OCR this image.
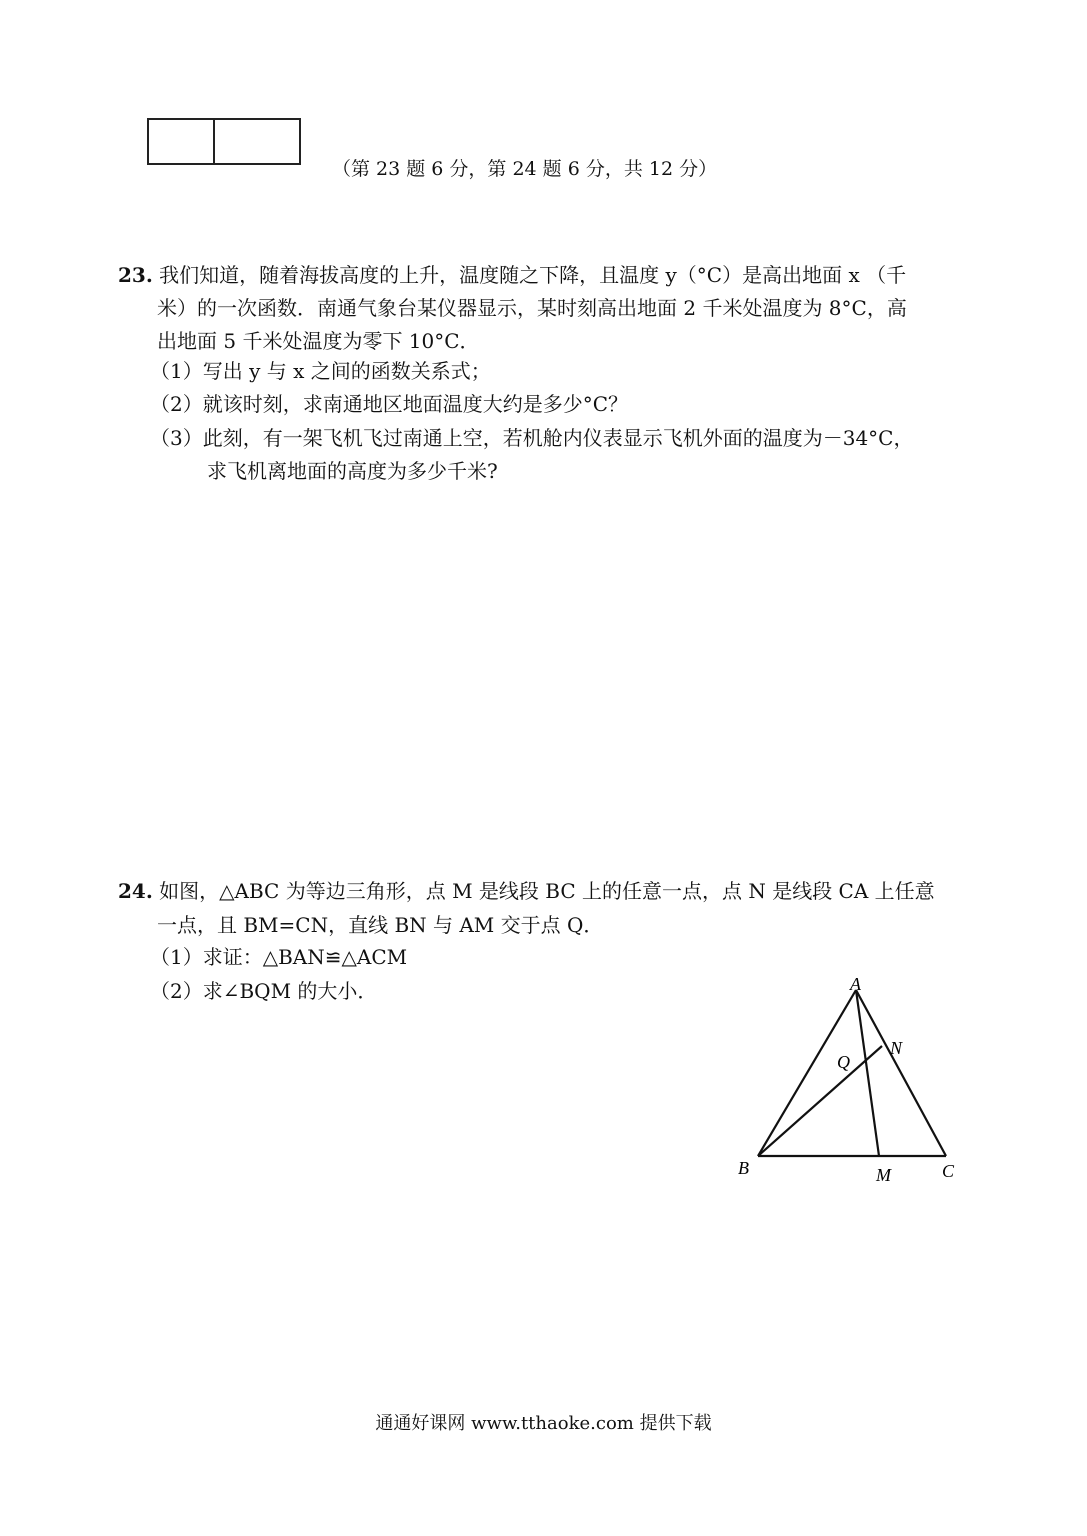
（第 23 题 6 分，第 24 题 6 分，共 12 分）
23. 我们知道，随着海拔高度的上升，温度随之下降，且温度 y（°C）是高出地面 x （千
米）的一次函数．南通气象台某仪器显示，某时刻高出地面 2 千米处温度为 8°C，高
出地面 5 千米处温度为零下 10°C．
（1）写出 y 与 x 之间的函数关系式；
（2）就该时刻，求南通地区地面温度大约是多少°C？
（3）此刻，有一架飞机飞过南通上空，若机舱内仪表显示飞机外面的温度为－34°C，
求飞机离地面的高度为多少千米?
24. 如图，△ABC 为等边三角形，点 M 是线段 BC 上的任意一点，点 N 是线段 CA 上任意
一点，且 BM=CN，直线 BN 与 AM 交于点 Q．
（1）求证：△BAN≌△ACM
（2）求∠BQM 的大小．	A
B	C
M
N
Q
通通好课网 www.tthaoke.com 提供下载
